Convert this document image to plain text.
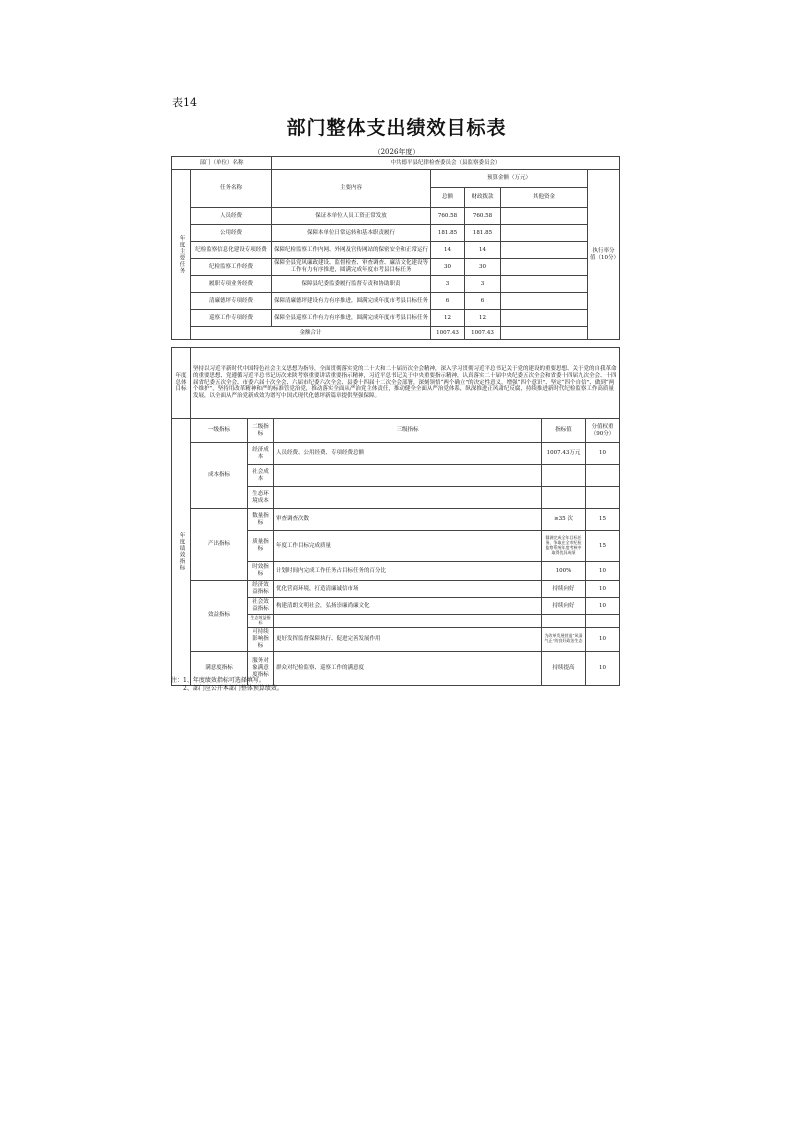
表14
部门整体支出绩效目标表
（2026年度）
部门（单位）名称		中共德平县纪律检查委员会（县监察委员会）				
年度主要任务	任务名称	主要内容	预算金额（万元）			执行率分值（10分）
			总额	财政拨款	其他资金	
	人员经费	保证本单位人员工资正常发放	760.58	760.58		
	公用经费	保障本单位日常运转和基本职责履行	181.85	181.85		
	纪检监察信息化建设专项经费	保障纪检监察工作内网、外网及官传网站的保密安全和正常运行	14	14		
	纪检监察工作经费	保障全县党风廉政建设、监督检查、审查调查、廉洁文化建设等工作有力有序推进，圆满完成年度市考县目标任务	30	30		
	履职专项业务经费	保障县纪委监委履行监督专责和协助职责	3	3		
	清廉德坪专项经费	保障清廉德坪建设有力有序推进，圆满完成年度市考县目标任务	6	6		
	巡察工作专项经费	保障全县巡察工作有力有序推进，圆满完成年度市考县目标任务	12	12		
	金额合计		1007.43	1007.43		
年度总体目标	坚持以习近平新时代中国特色社会主义思想为指导，全面贯彻落实党的二十大和二十届历次全会精神，深入学习贯彻习近平总书记关于党的建设的重要思想、关于党的自我革命的重要思想、党遵循习近平总书记历次来陕考察重要讲话重要指示精神，习近平总书记关于中央重要指示精神，认真落实二十届中央纪委五次全会和省委十四届九次全会、十四届省纪委五次全会、市委六届十次全会、六届市纪委六次全会、县委十四届十二次全会部署，深刻领悟“两个确立”的决定性意义，增强“四个意识”、坚定“四个自信”、做到“两个维护”，坚持用改革精神和严的标准管党治党，推动落实全面从严治党主体责任，推动健全全面从严治党体系，纵深推进正风肃纪反腐，持续推进新时代纪检监察工作高质量发展，以全面从严治党新成效为谱写中国式现代化德坪新篇章提供坚强保障。
年度绩效指标	一级指标	二级指标	三级指标	指标值	分值权重（90分）
	成本指标	经济成本	人员经费、公用经费、专项经费总额	1007.43万元	10
		社会成本			
		生态环境成本			
	产出指标	数量指标	审查调查次数	≥35 次	15
		质量指标	年度工作目标完成质量	圆满完成全年目标任务，争取在全市纪检监察系统年度考核中取得优异成绩	15
		时效指标	计划时间内完成工作任务占目标任务的百分比	100%	10
	效益指标	经济效益指标	优化营商环境，打造清廉诚信市场	持续向好	10
		社会效益指标	构建清朗文明社会，弘扬崇廉尚廉文化	持续向好	10
		生态效益指标			
		可持续影响指标	更好发挥监督保障执行、促进完善发展作用	为改革发展营造“风清气正”的良好政治生态	10
	满意度指标	服务对象满意度指标	群众对纪检监察、巡察工作的满意度	持续提高	10
注：1、年度绩效指标可选择填写。
2、部门应公开本部门整体预算绩效。
